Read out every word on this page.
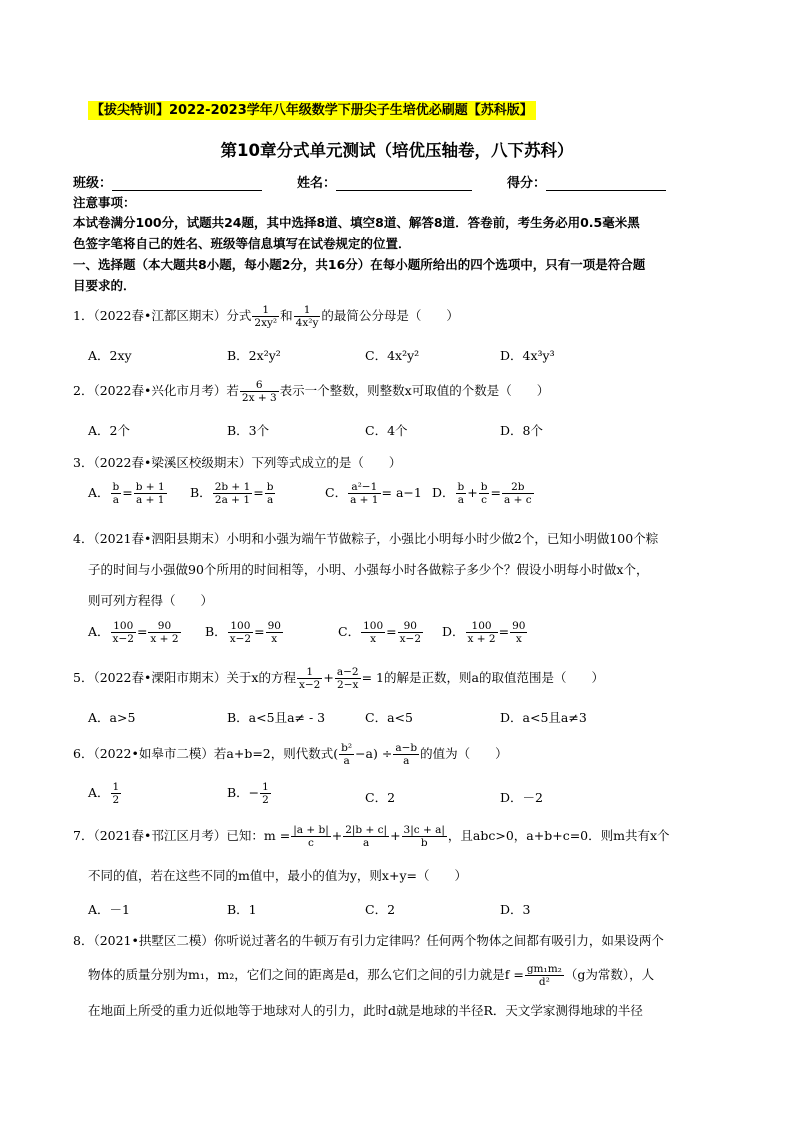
【拔尖特训】2022-2023学年八年级数学下册尖子生培优必刷题【苏科版】
第10章分式单元测试（培优压轴卷，八下苏科）
班级：	姓名：	得分：
注意事项：
本试卷满分100分，试题共24题，其中选择8道、填空8道、解答8道．答卷前，考生务必用0.5毫米黑
色签字笔将自己的姓名、班级等信息填写在试卷规定的位置．
一、选择题（本大题共8小题，每小题2分，共16分）在每小题所给出的四个选项中，只有一项是符合题
目要求的．
1．（2022春•江都区期末）分式 $\frac{1}{\text{2xy²}}$ 和 $\frac{1}{\text{4x²y}}$ 的最简公分母是（　　）
A．2xy	B．2x²y²	C．4x²y²	D．4x³y³
2．（2022春•兴化市月考）若 $\frac{6}{2x + 3}$ 表示一个整数，则整数x可取值的个数是（　　）
A．2个	B．3个	C．4个	D．8个
3．（2022春•梁溪区校级期末）下列等式成立的是（　　）
A． $\frac{b}{a} = \frac{b + 1}{a + 1}$ B． $\frac{2b + 1}{2a + 1} = \frac{b}{a}$	C． $\frac{\text{a²−1}}{a + 1} = a-1$ D． $\frac{b}{a} + \frac{b}{c} = \frac{2b}{a + c}$
4．（2021春•泗阳县期末）小明和小强为端午节做粽子，小强比小明每小时少做2个，已知小明做100个粽
子的时间与小强做90个所用的时间相等，小明、小强每小时各做粽子多少个？假设小明每小时做x个，
则可列方程得（　　）
A． $\frac{100}{x-2} = \frac{90}{x + 2}$ B． $\frac{100}{x-2} = \frac{90}{x}$	C． $\frac{100}{x} = \frac{90}{x-2}$ D． $\frac{100}{x + 2} = \frac{90}{x}$
5．（2022春•溧阳市期末）关于x的方程 $\frac{1}{x-2} + \frac{a-2}{2-x} = 1$的解是正数，则a的取值范围是（　　）
A．a>5	B．a<5且a≠ - 3	C．a<5	D．a<5且a≠3
6．（2022•如皋市二模）若a+b=2，则代数式( $\frac{\text{b²}}{a} -a) \div \frac{a-b}{a}$ 的值为（　　）
A． $\frac{1}{2}$	B．− $\frac{1}{2}$	C．2	D．－2
7．（2021春•邗江区月考）已知：$m = \frac{|a + b|}{c} + \frac{2|b + c|}{a} + \frac{3|c + a|}{b}$ ，且abc>0，a+b+c=0．则m共有x个
不同的值，若在这些不同的m值中，最小的值为y，则x+y=（　　）
A．－1	B．1	C．2	D．3
8．（2021•拱墅区二模）你听说过著名的牛顿万有引力定律吗？任何两个物体之间都有吸引力，如果设两个
物体的质量分别为m₁，m₂，它们之间的距离是d，那么它们之间的引力就是$f = \frac{\text{gm₁m₂}}{\text{d²}} (g$为常数），人
在地面上所受的重力近似地等于地球对人的引力，此时d就是地球的半径R．天文学家测得地球的半径
